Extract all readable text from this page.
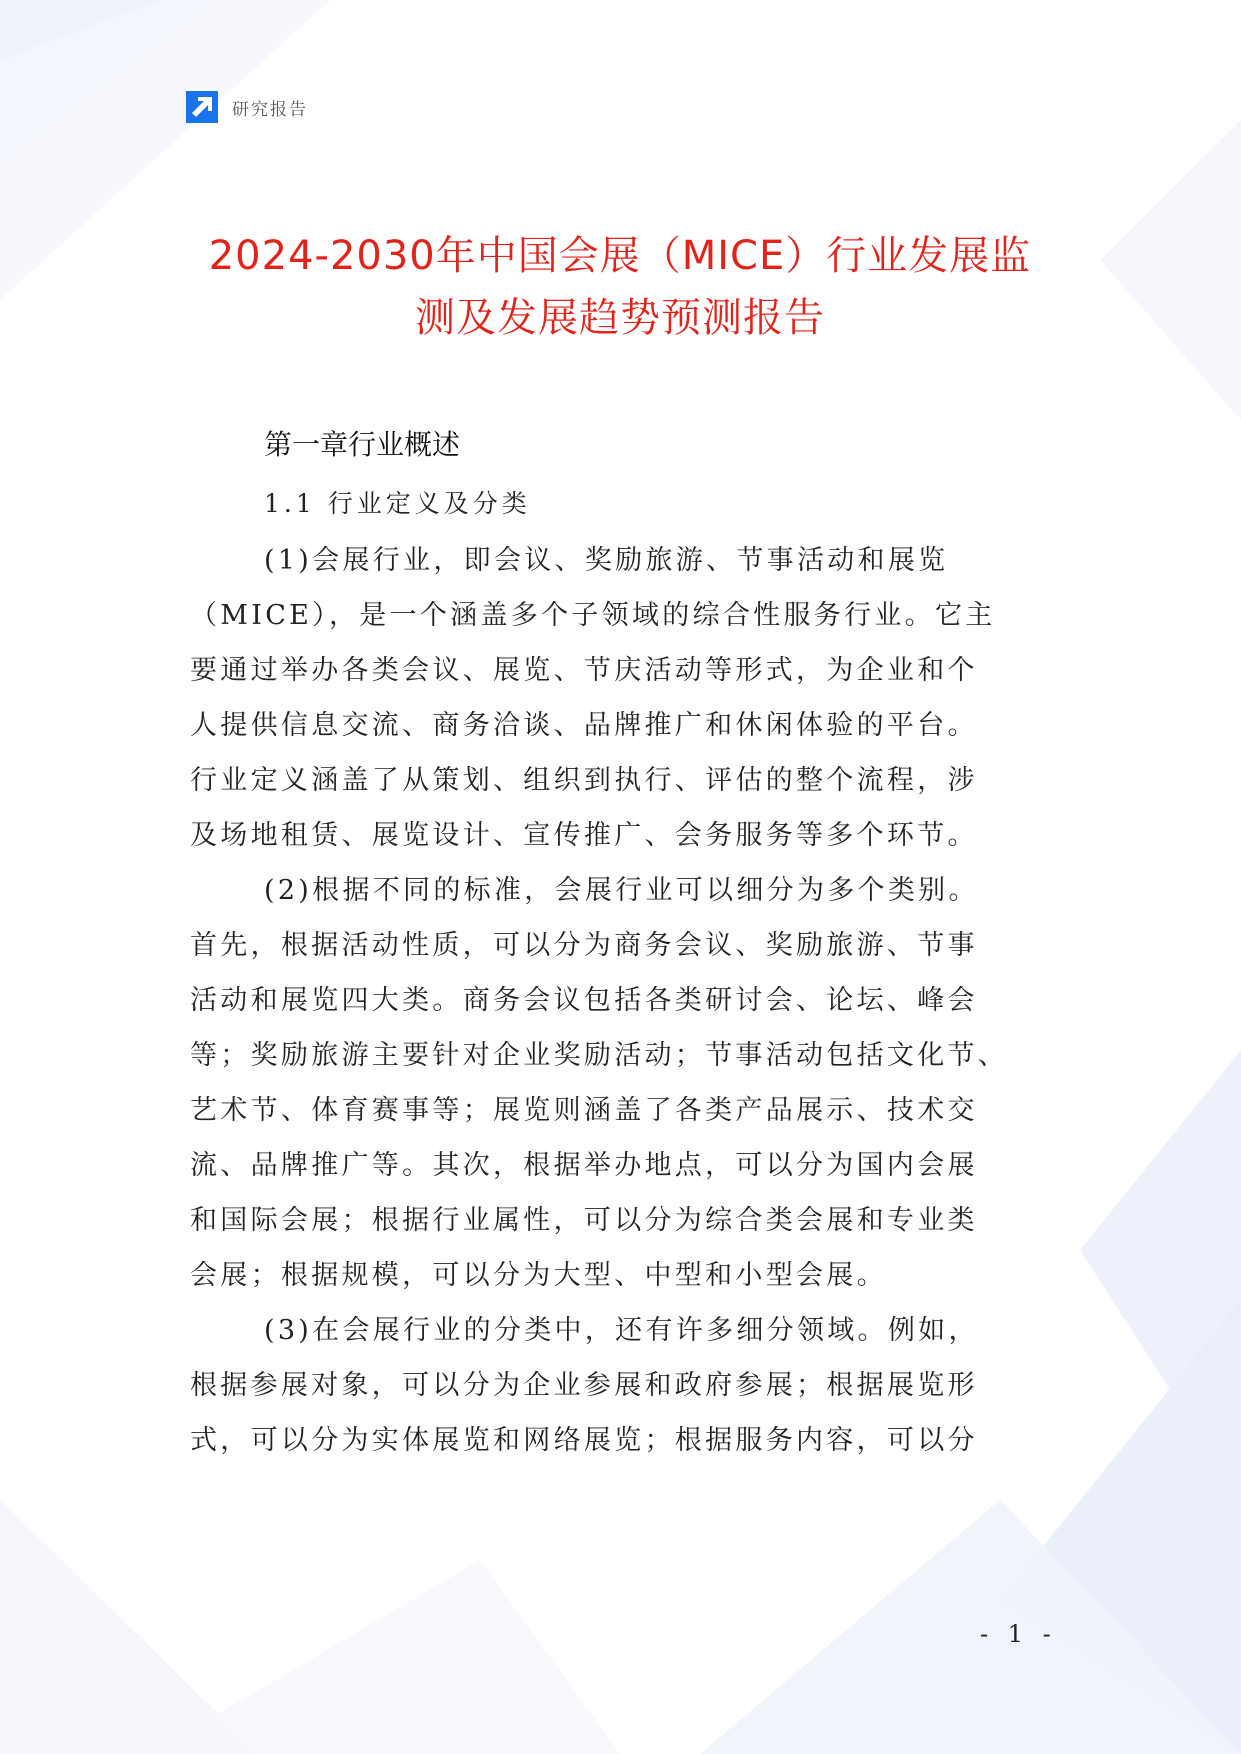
研究报告
2024-2030年中国会展（MICE）行业发展监
测及发展趋势预测报告
第一章行业概述
1.1 行业定义及分类
(1)会展行业，即会议、奖励旅游、节事活动和展览
（MICE），是一个涵盖多个子领域的综合性服务行业。它主
要通过举办各类会议、展览、节庆活动等形式，为企业和个
人提供信息交流、商务洽谈、品牌推广和休闲体验的平台。
行业定义涵盖了从策划、组织到执行、评估的整个流程，涉
及场地租赁、展览设计、宣传推广、会务服务等多个环节。
(2)根据不同的标准，会展行业可以细分为多个类别。
首先，根据活动性质，可以分为商务会议、奖励旅游、节事
活动和展览四大类。商务会议包括各类研讨会、论坛、峰会
等；奖励旅游主要针对企业奖励活动；节事活动包括文化节、
艺术节、体育赛事等；展览则涵盖了各类产品展示、技术交
流、品牌推广等。其次，根据举办地点，可以分为国内会展
和国际会展；根据行业属性，可以分为综合类会展和专业类
会展；根据规模，可以分为大型、中型和小型会展。
(3)在会展行业的分类中，还有许多细分领域。例如，
根据参展对象，可以分为企业参展和政府参展；根据展览形
式，可以分为实体展览和网络展览；根据服务内容，可以分
- 1 -
